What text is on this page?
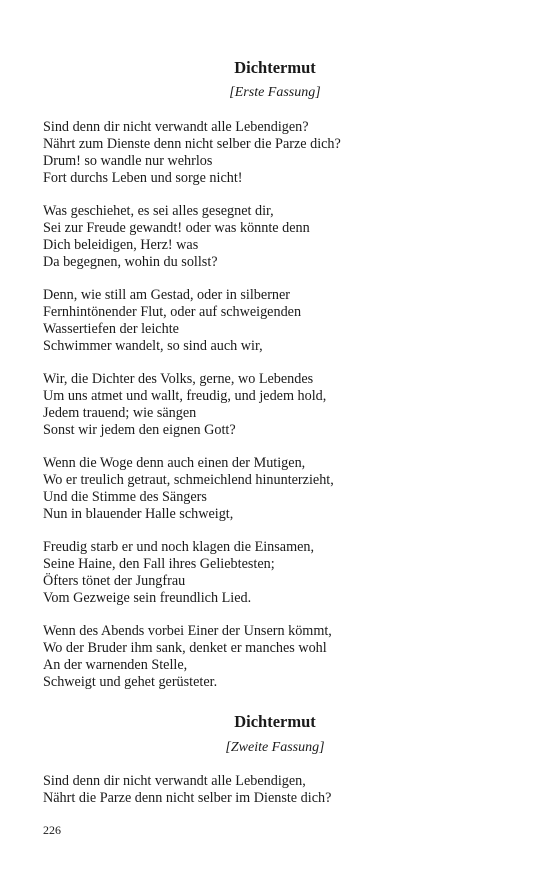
Dichtermut
[Erste Fassung]
Sind denn dir nicht verwandt alle Lebendigen?
Nährt zum Dienste denn nicht selber die Parze dich?
Drum! so wandle nur wehrlos
Fort durchs Leben und sorge nicht!
Was geschiehet, es sei alles gesegnet dir,
Sei zur Freude gewandt! oder was könnte denn
Dich beleidigen, Herz! was
Da begegnen, wohin du sollst?
Denn, wie still am Gestad, oder in silberner
Fernhintönender Flut, oder auf schweigenden
Wassertiefen der leichte
Schwimmer wandelt, so sind auch wir,
Wir, die Dichter des Volks, gerne, wo Lebendes
Um uns atmet und wallt, freudig, und jedem hold,
Jedem trauend; wie sängen
Sonst wir jedem den eignen Gott?
Wenn die Woge denn auch einen der Mutigen,
Wo er treulich getraut, schmeichlend hinunterzieht,
Und die Stimme des Sängers
Nun in blauender Halle schweigt,
Freudig starb er und noch klagen die Einsamen,
Seine Haine, den Fall ihres Geliebtesten;
Öfters tönet der Jungfrau
Vom Gezweige sein freundlich Lied.
Wenn des Abends vorbei Einer der Unsern kömmt,
Wo der Bruder ihm sank, denket er manches wohl
An der warnenden Stelle,
Schweigt und gehet gerüsteter.
Dichtermut
[Zweite Fassung]
Sind denn dir nicht verwandt alle Lebendigen,
Nährt die Parze denn nicht selber im Dienste dich?
226
